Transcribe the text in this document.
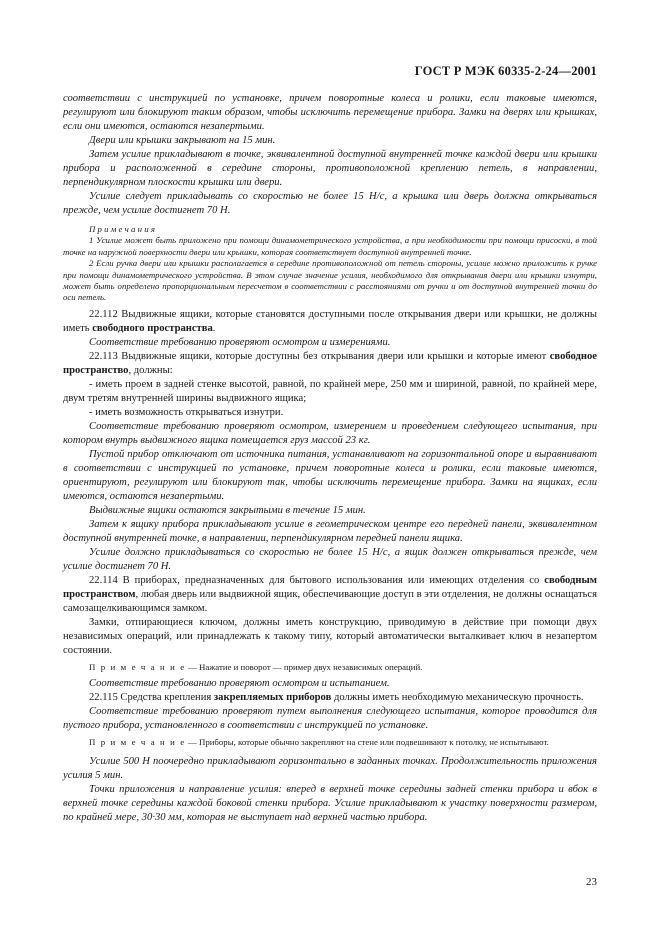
ГОСТ Р МЭК 60335-2-24—2001

соответствии с инструкцией по установке, причем поворотные колеса и ролики, если таковые имеются, регулируют или блокируют таким образом, чтобы исключить перемещение прибора. Замки на дверях или крышках, если они имеются, остаются незапертыми.

Двери или крышки закрывают на 15 мин.

Затем усилие прикладывают в точке, эквивалентной доступной внутренней точке каждой двери или крышки прибора и расположенной в середине стороны, противоположной креплению петель, в направлении, перпендикулярном плоскости крышки или двери.

Усилие следует прикладывать со скоростью не более 15 Н/с, а крышка или дверь должна открываться прежде, чем усилие достигнет 70 Н.

П р и м е ч а н и я

1 Усилие может быть приложено при помощи динамометрического устройства, а при необходимости при помощи присоски, в той точке на наружной поверхности двери или крышки, которая соответствует доступной внутренней точке.

2 Если ручка двери или крышки располагается в середине противоположной от петель стороны, усилие можно приложить к ручке при помощи динамометрического устройства. В этом случае значение усилия, необходимого для открывания двери или крышки изнутри, может быть определено пропорциональным пересчетом в соответствии с расстояниями от ручки и от доступной внутренней точки до оси петель.

22.112 Выдвижные ящики, которые становятся доступными после открывания двери или крышки, не должны иметь свободного пространства.

Соответствие требованию проверяют осмотром и измерениями.

22.113 Выдвижные ящики, которые доступны без открывания двери или крышки и которые имеют свободное пространство, должны:

- иметь проем в задней стенке высотой, равной, по крайней мере, 250 мм и шириной, равной, по крайней мере, двум третям внутренней ширины выдвижного ящика;

- иметь возможность открываться изнутри.

Соответствие требованию проверяют осмотром, измерением и проведением следующего испытания, при котором внутрь выдвижного ящика помещается груз массой 23 кг.

Пустой прибор отключают от источника питания, устанавливают на горизонтальной опоре и выравнивают в соответствии с инструкцией по установке, причем поворотные колеса и ролики, если таковые имеются, ориентируют, регулируют или блокируют так, чтобы исключить перемещение прибора. Замки на ящиках, если имеются, остаются незапертыми.

Выдвижные ящики остаются закрытыми в течение 15 мин.

Затем к ящику прибора прикладывают усилие в геометрическом центре его передней панели, эквивалентном доступной внутренней точке, в направлении, перпендикулярном передней панели ящика.

Усилие должно прикладываться со скоростью не более 15 Н/с, а ящик должен открываться прежде, чем усилие достигнет 70 Н.

22.114 В приборах, предназначенных для бытового использования или имеющих отделения со свободным пространством, любая дверь или выдвижной ящик, обеспечивающие доступ в эти отделения, не должны оснащаться самозащелкивающимся замком.

Замки, отпирающиеся ключом, должны иметь конструкцию, приводимую в действие при помощи двух независимых операций, или принадлежать к такому типу, который автоматически выталкивает ключ в незапертом состоянии.

П р и м е ч а н и е — Нажатие и поворот — пример двух независимых операций.

Соответствие требованию проверяют осмотром и испытанием.

22.115 Средства крепления закрепляемых приборов должны иметь необходимую механическую прочность.

Соответствие требованию проверяют путем выполнения следующего испытания, которое проводится для пустого прибора, установленного в соответствии с инструкцией по установке.

П р и м е ч а н и е — Приборы, которые обычно закрепляют на стене или подвешивают к потолку, не испытывают.

Усилие 500 Н поочередно прикладывают горизонтально в заданных точках. Продолжительность приложения усилия 5 мин.

Точки приложения и направление усилия: вперед в верхней точке середины задней стенки прибора и вбок в верхней точке середины каждой боковой стенки прибора. Усилие прикладывают к участку поверхности размером, по крайней мере, 30·30 мм, которая не выступает над верхней частью прибора.

23
